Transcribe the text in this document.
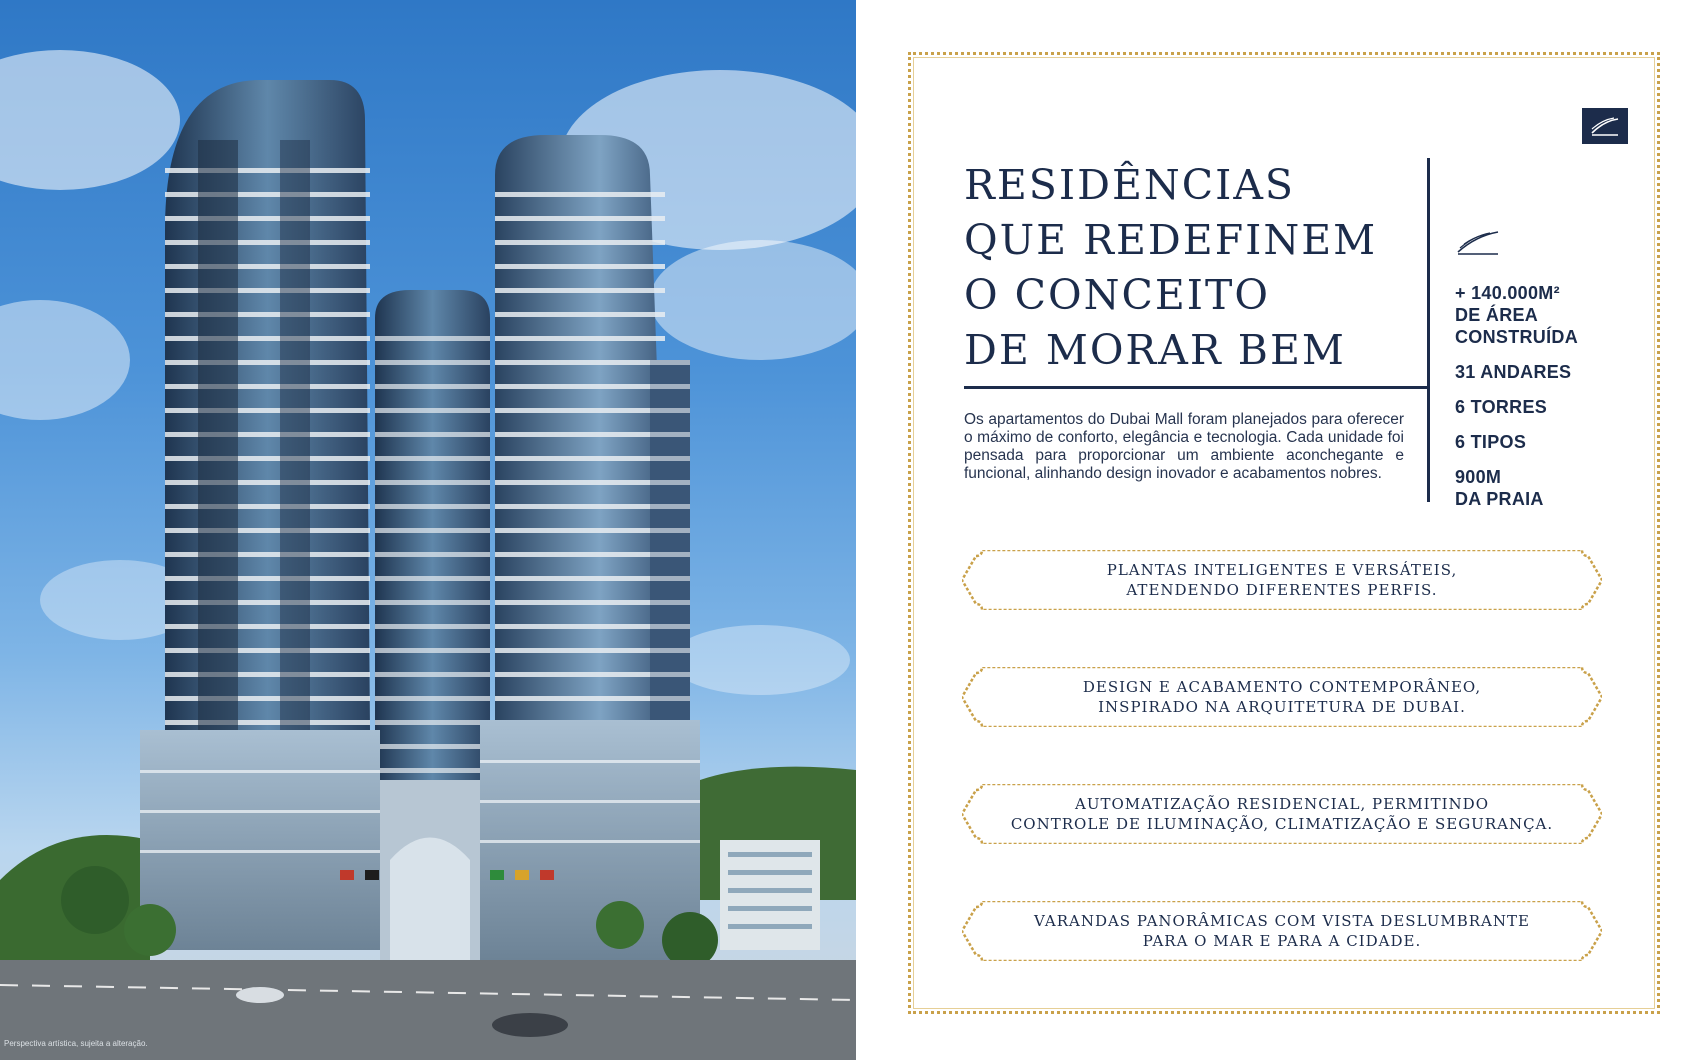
Perspectiva artística, sujeita a alteração.
RESIDÊNCIAS
QUE REDEFINEM
O CONCEITO
DE MORAR BEM
Os apartamentos do Dubai Mall foram planejados para oferecer o máximo de conforto, elegância e tecnologia. Cada unidade foi pensada para proporcionar um ambiente aconchegante e funcional, alinhando design inovador e acabamentos nobres.
+ 140.000M²
DE ÁREA
CONSTRUÍDA
31 ANDARES
6 TORRES
6 TIPOS
900M
DA PRAIA
PLANTAS INTELIGENTES E VERSÁTEIS,
ATENDENDO DIFERENTES PERFIS.
DESIGN E ACABAMENTO CONTEMPORÂNEO,
INSPIRADO NA ARQUITETURA DE DUBAI.
AUTOMATIZAÇÃO RESIDENCIAL, PERMITINDO
CONTROLE DE ILUMINAÇÃO, CLIMATIZAÇÃO E SEGURANÇA.
VARANDAS PANORÂMICAS COM VISTA DESLUMBRANTE
PARA O MAR E PARA A CIDADE.
